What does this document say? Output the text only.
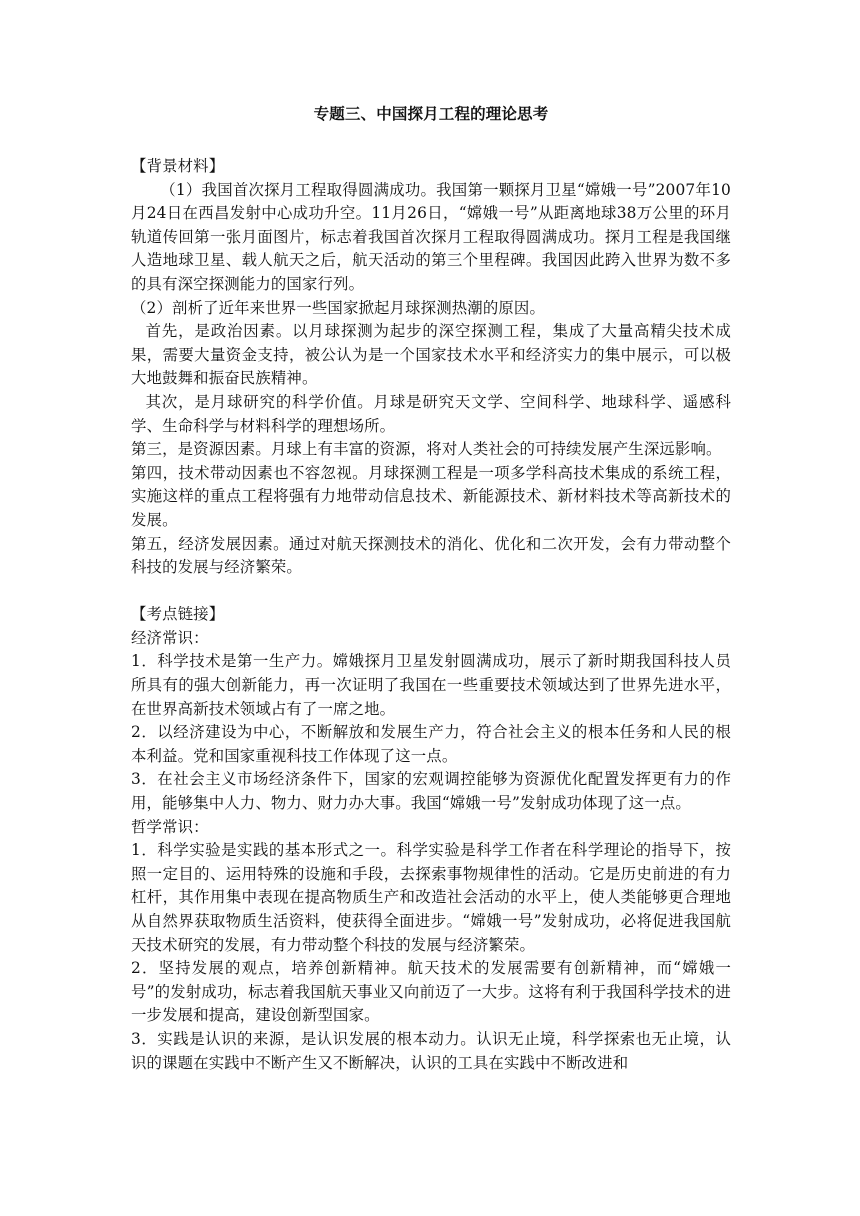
专题三、中国探月工程的理论思考

【背景材料】

（1）我国首次探月工程取得圆满成功。我国第一颗探月卫星“嫦娥一号”2007年10月24日在西昌发射中心成功升空。11月26日，“嫦娥一号”从距离地球38万公里的环月轨道传回第一张月面图片，标志着我国首次探月工程取得圆满成功。探月工程是我国继人造地球卫星、载人航天之后，航天活动的第三个里程碑。我国因此跨入世界为数不多的具有深空探测能力的国家行列。

（2）剖析了近年来世界一些国家掀起月球探测热潮的原因。

首先，是政治因素。以月球探测为起步的深空探测工程，集成了大量高精尖技术成果，需要大量资金支持，被公认为是一个国家技术水平和经济实力的集中展示，可以极大地鼓舞和振奋民族精神。

其次，是月球研究的科学价值。月球是研究天文学、空间科学、地球科学、遥感科学、生命科学与材料科学的理想场所。

第三，是资源因素。月球上有丰富的资源，将对人类社会的可持续发展产生深远影响。

第四，技术带动因素也不容忽视。月球探测工程是一项多学科高技术集成的系统工程，实施这样的重点工程将强有力地带动信息技术、新能源技术、新材料技术等高新技术的发展。

第五，经济发展因素。通过对航天探测技术的消化、优化和二次开发，会有力带动整个科技的发展与经济繁荣。

【考点链接】

经济常识：

1．科学技术是第一生产力。嫦娥探月卫星发射圆满成功，展示了新时期我国科技人员所具有的强大创新能力，再一次证明了我国在一些重要技术领域达到了世界先进水平，在世界高新技术领域占有了一席之地。

2．以经济建设为中心，不断解放和发展生产力，符合社会主义的根本任务和人民的根本利益。党和国家重视科技工作体现了这一点。

3．在社会主义市场经济条件下，国家的宏观调控能够为资源优化配置发挥更有力的作用，能够集中人力、物力、财力办大事。我国“嫦娥一号”发射成功体现了这一点。

哲学常识：

1．科学实验是实践的基本形式之一。科学实验是科学工作者在科学理论的指导下，按照一定目的、运用特殊的设施和手段，去探索事物规律性的活动。它是历史前进的有力杠杆，其作用集中表现在提高物质生产和改造社会活动的水平上，使人类能够更合理地从自然界获取物质生活资料，使获得全面进步。“嫦娥一号”发射成功，必将促进我国航天技术研究的发展，有力带动整个科技的发展与经济繁荣。

2．坚持发展的观点，培养创新精神。航天技术的发展需要有创新精神，而“嫦娥一号”的发射成功，标志着我国航天事业又向前迈了一大步。这将有利于我国科学技术的进一步发展和提高，建设创新型国家。

3．实践是认识的来源，是认识发展的根本动力。认识无止境，科学探索也无止境，认识的课题在实践中不断产生又不断解决，认识的工具在实践中不断改进和
